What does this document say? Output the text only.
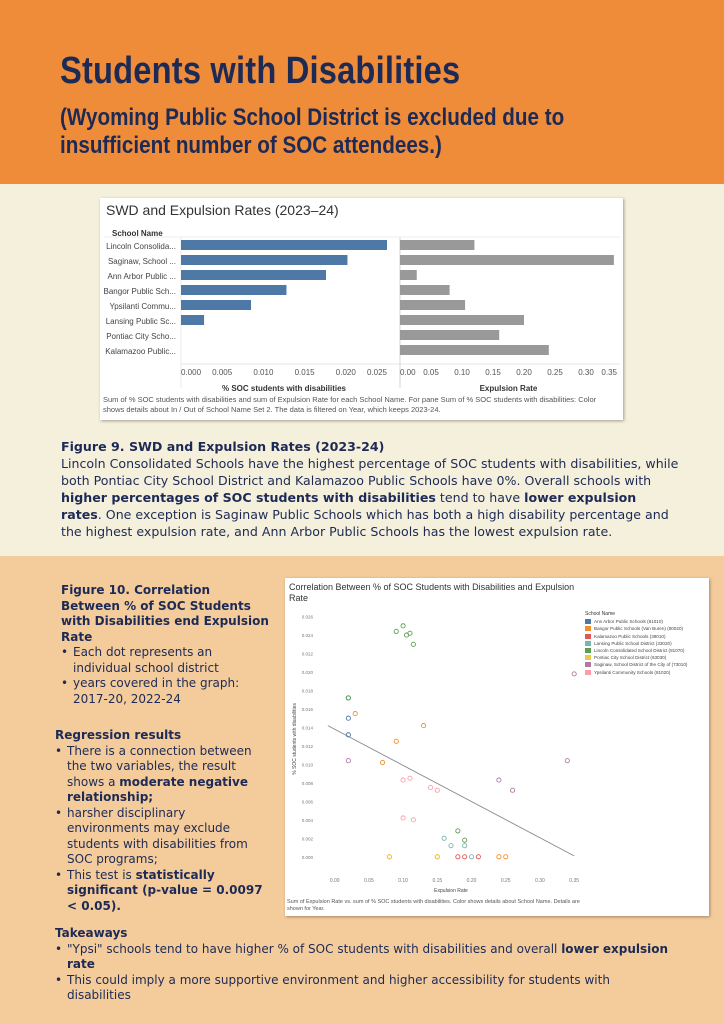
Students with Disabilities
(Wyoming Public School District is excluded due to insufficient number of SOC attendees.)
SWD and Expulsion Rates (2023–24)
School Name
Lincoln Consolida...
Saginaw, School ...
Ann Arbor Public ...
Bangor Public Sch...
Ypsilanti Commu...
Lansing Public Sc...
Pontiac City Scho...
Kalamazoo Public...
0.000 0.005	0.010	0.015	0.020 0.025
% SOC students with disabilities
0.00 0.05 0.10 0.15 0.20 0.25 0.30 0.35
Expulsion Rate
Sum of % SOC students with disabilities and sum of Expulsion Rate for each School Name. For pane Sum of % SOC students with disabilities: Color shows details about In / Out of School Name Set 2. The data is filtered on Year, which keeps 2023-24.
Figure 9. SWD and Expulsion Rates (2023-24)
Lincoln Consolidated Schools have the highest percentage of SOC students with disabilities, while both Pontiac City School District and Kalamazoo Public Schools have 0%. Overall schools with higher percentages of SOC students with disabilities tend to have lower expulsion rates. One exception is Saginaw Public Schools which has both a high disability percentage and the highest expulsion rate, and Ann Arbor Public Schools has the lowest expulsion rate.
Figure 10. Correlation Between % of SOC Students with Disabilities end Expulsion Rate
• Each dot represents an individual school district
• years covered in the graph: 2017-20, 2022-24
Regression results
• There is a connection between the two variables, the result shows a moderate negative relationship;
• harsher disciplinary environments may exclude students with disabilities from SOC programs;
• This test is statistically significant (p-value = 0.0097 < 0.05).
Correlation Between % of SOC Students with Disabilities and Expulsion Rate
0.000
0.002
0.004
0.006
0.008
0.010
0.012
0.014
0.016
0.018
0.020
0.022
0.024
0.026
0.00	0.05	0.10	0.15	0.20	0.25	0.30	0.35
Expulsion Rate
% SOC students with disabilities
School Name
Ann Arbor Public Schools (81010)
Bangor Public Schools (Van Buren) (80020)
Kalamazoo Public Schools (39010)
Lansing Public School District (33020)
Lincoln Consolidated School District (81070)
Pontiac City School District (63030)
Saginaw, School District of the City of (73010)
Ypsilanti Community Schools (81020)
Sum of Expulsion Rate vs. sum of % SOC students with disabilities. Color shows details about School Name. Details are shown for Year.
Takeaways
• "Ypsi" schools tend to have higher % of SOC students with disabilities and overall lower expulsion rate
• This could imply a more supportive environment and higher accessibility for students with disabilities
